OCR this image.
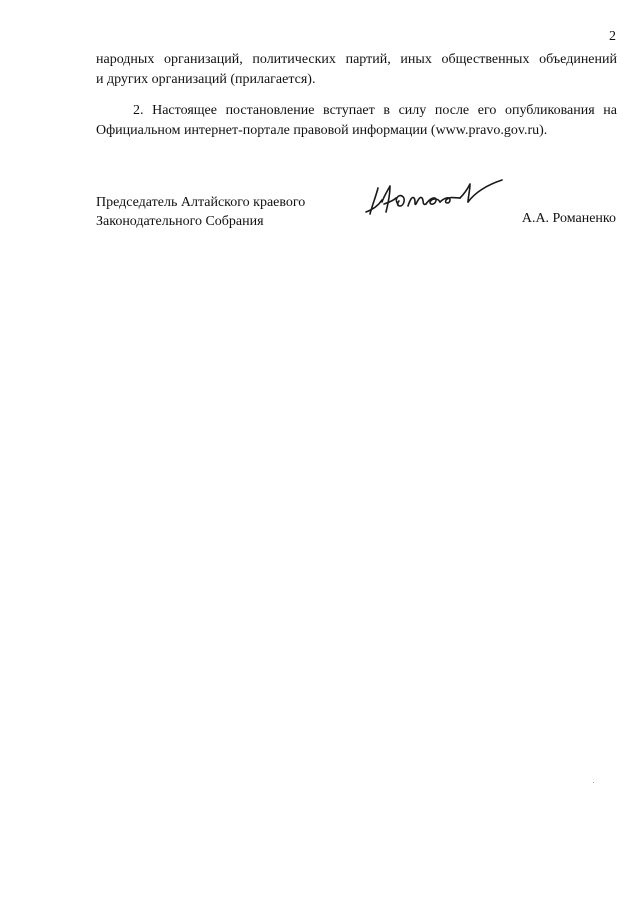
2
народных организаций, политических партий, иных общественных объединений
и других организаций (прилагается).
2. Настоящее постановление вступает в силу после его опубликования на
Официальном интернет-портале правовой информации (www.pravo.gov.ru).
Председатель Алтайского краевого
Законодательного Собрания	А.А. Романенко
